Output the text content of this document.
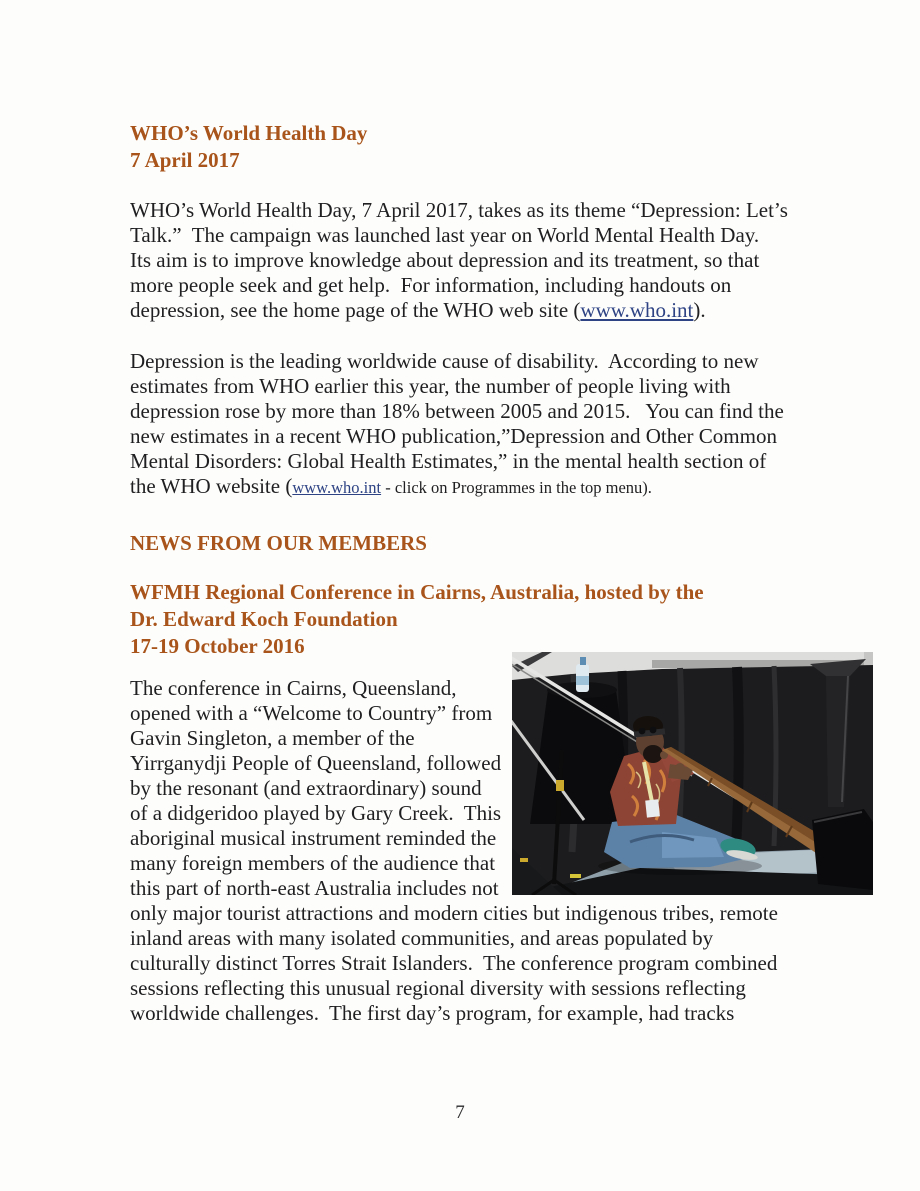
WHO’s World Health Day
7 April 2017

WHO’s World Health Day, 7 April 2017, takes as its theme “Depression: Let’s Talk.”  The campaign was launched last year on World Mental Health Day.  Its aim is to improve knowledge about depression and its treatment, so that more people seek and get help.  For information, including handouts on depression, see the home page of the WHO web site (www.who.int).

Depression is the leading worldwide cause of disability.  According to new estimates from WHO earlier this year, the number of people living with depression rose by more than 18% between 2005 and 2015.   You can find the new estimates in a recent WHO publication,”Depression and Other Common Mental Disorders: Global Health Estimates,” in the mental health section of the WHO website (www.who.int - click on Programmes in the top menu).

NEWS FROM OUR MEMBERS
WFMH Regional Conference in Cairns, Australia, hosted by the
Dr. Edward Koch Foundation
17-19 October 2016

The conference in Cairns, Queensland, opened with a “Welcome to Country” from Gavin Singleton, a member of the Yirrganydji People of Queensland, followed by the resonant (and extraordinary) sound of a didgeridoo played by Gary Creek.  This  aboriginal musical instrument reminded the many foreign members of the audience that this part of north-east Australia includes not only major tourist attractions and modern cities but indigenous tribes, remote inland areas with many isolated communities, and areas populated by culturally distinct Torres Strait Islanders.  The conference program combined sessions reflecting this unusual regional diversity with sessions reflecting worldwide challenges.  The first day’s program, for example, had tracks

7
